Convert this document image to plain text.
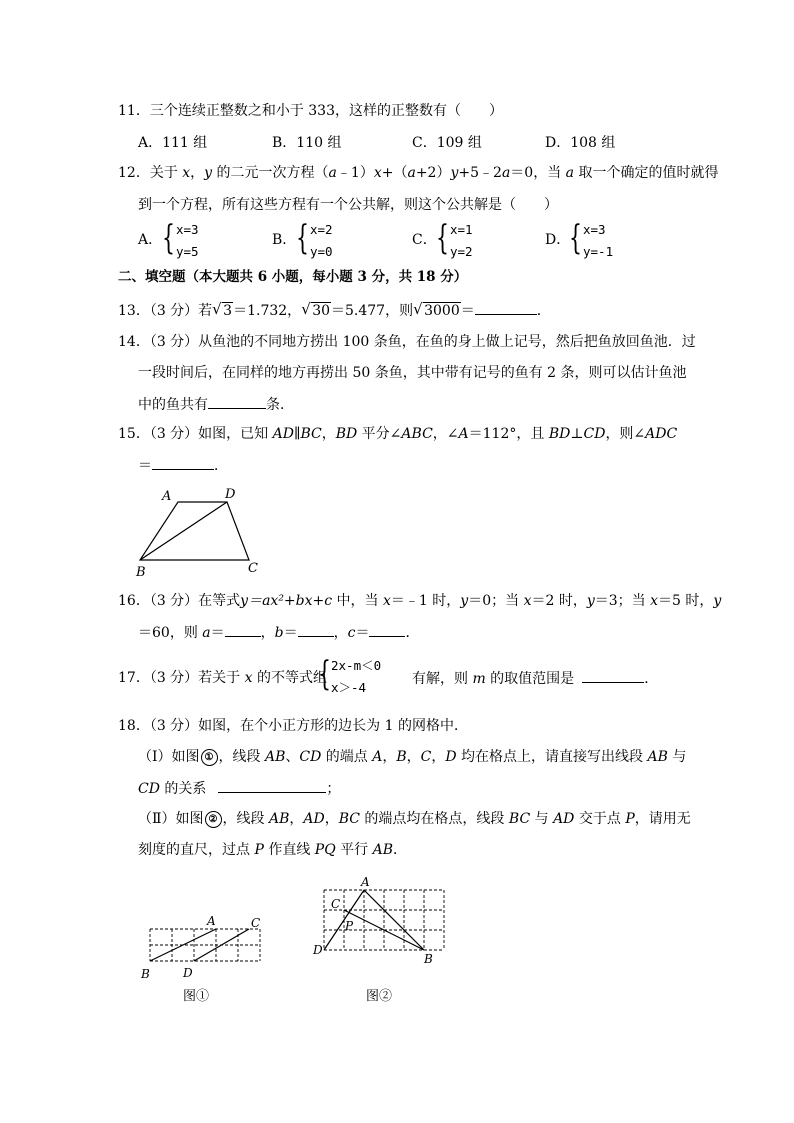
11．三个连续正整数之和小于 333，这样的正整数有（　　）
A．111 组	B．110 组	C．109 组	D．108 组
12．关于 x，y 的二元一次方程（a﹣1）x+（a+2）y+5﹣2a＝0，当 a 取一个确定的值时就得
到一个方程，所有这些方程有一个公共解，则这个公共解是（　　）
A． { x=3
y=5
B． { x=2
y=0
C． { x=1
y=2
D．
{ x=3
y=-1
二、填空题（本大题共 6 小题，每小题 3 分，共 18 分）
13．（3 分）若 √ 3＝1.732， √ 30＝5.477，则 √ 3000＝	．
14．（3 分）从鱼池的不同地方捞出 100 条鱼，在鱼的身上做上记号，然后把鱼放回鱼池．过
一段时间后，在同样的地方再捞出 50 条鱼，其中带有记号的鱼有 2 条，则可以估计鱼池
中的鱼共有	条．
15．（3 分）如图，已知 AD∥BC，BD 平分∠ABC，∠A＝112°，且 BD⊥CD，则∠ADC
＝	．
A	D
B	C
16．（3 分）在等式y＝ax²+bx+c 中，当 x＝﹣1 时，y＝0；当 x＝2 时，y＝3；当 x＝5 时，y
＝60，则 a＝	，b＝	，c＝	．
17．（3 分）若关于 x 的不等式组
{ 2x-m＜0
x＞-4
有解，则 m 的取值范围是	．
18．（3 分）如图，在个小正方形的边长为 1 的网格中．
（Ⅰ）如图 ① ，线段 AB、CD 的端点 A，B，C，D 均在格点上，请直接写出线段 AB 与
CD 的关系	；
（Ⅱ）如图 ② ，线段 AB，AD，BC 的端点均在格点，线段 BC 与 AD 交于点 P，请用无
刻度的直尺，过点 P 作直线 PQ 平行 AB．
A	C
B	D
图①
A
C
P
D
B
图②
